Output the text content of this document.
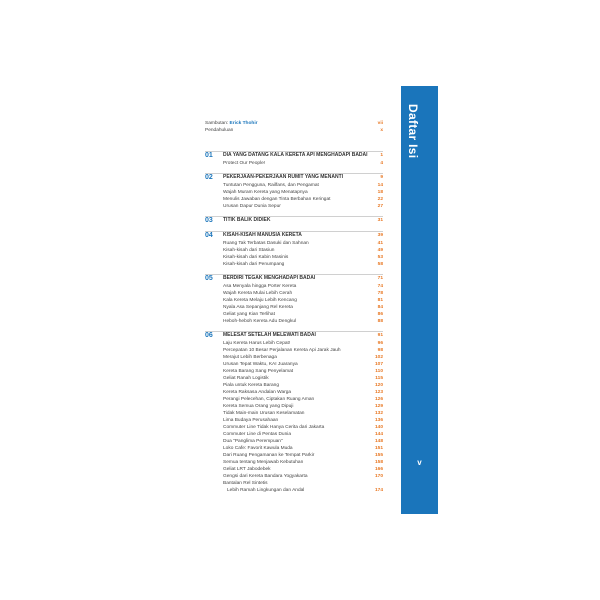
Daftar Isi
v
Sambutan: Erick Thohir	vii
Pendahuluan	x
01 DIA YANG DATANG KALA KERETA API MENGHADAPI BADAI	1
Protect Our People!	4
02 PEKERJAAN-PEKERJAAN RUMIT YANG MENANTI	9
Tuntutan Pengguna, Railfans, dan Pengamat	14
Wajah Muram Kereta yang Menatapnya	18
Menulis Jawaban dengan Tinta Berbahan Keringat	22
Urusan Dapur Dunia Sepur	27
03 TITIK BALIK DIDIEK	31
04 KISAH-KISAH MANUSIA KERETA	39
Ruang Tak Terbatas Dasuki dan Sahnan	41
Kisah-kisah dari Stasiun	49
Kisah-kisah dari Kabin Masinis	53
Kisah-kisah dari Penumpang	58
05 BERDIRI TEGAK MENGHADAPI BADAI	71
Asa Menyala hingga Porter Kereta	74
Wajah Kereta Mulai Lebih Cerah	78
Kala Kereta Melaju Lebih Kencang	81
Nyala Asa Sepanjang Rel Kereta	84
Geliat yang Kian Terlihat	86
Heboh-heboh Kereta Adu Dengkul	88
06 MELESAT SETELAH MELEWATI BADAI	91
Laju Kereta Harus Lebih Cepat!	96
Percepatan 10 Besar Perjalanan Kereta Api Jarak Jauh	98
Merajut Lebih Berbenaga	102
Urusan Tepat Waktu, KAI Juaranya	107
Kereta Barang Sang Penyelamat	110
Geliat Ranah Logistik	115
Piala untuk Kereta Barang	120
Kereta Raksasa Andalan Warga	123
Perangi Pelecehan, Ciptakan Ruang Aman	126
Kereta Semua Orang yang Dipuji	129
Tidak Main-main Urusan Keselamatan	132
Lima Budaya Perusahaan	136
Commuter Line Tidak Hanya Cerita dari Jakarta	140
Commuter Line di Pentas Dunia	144
Dua "Panglima Perempuan"	148
Loko Cafe: Favorit Kawula Muda	151
Dari Ruang Pengamanan ke Tempat Parkir	155
Semua tentang Menjawab Kebutuhan	158
Geliat LRT Jabodebek	166
Gengsi dari Kereta Bandara Yogyakarta	170
Bantalan Rel Sintetis
Lebih Ramah Lingkungan dan Andal	174
